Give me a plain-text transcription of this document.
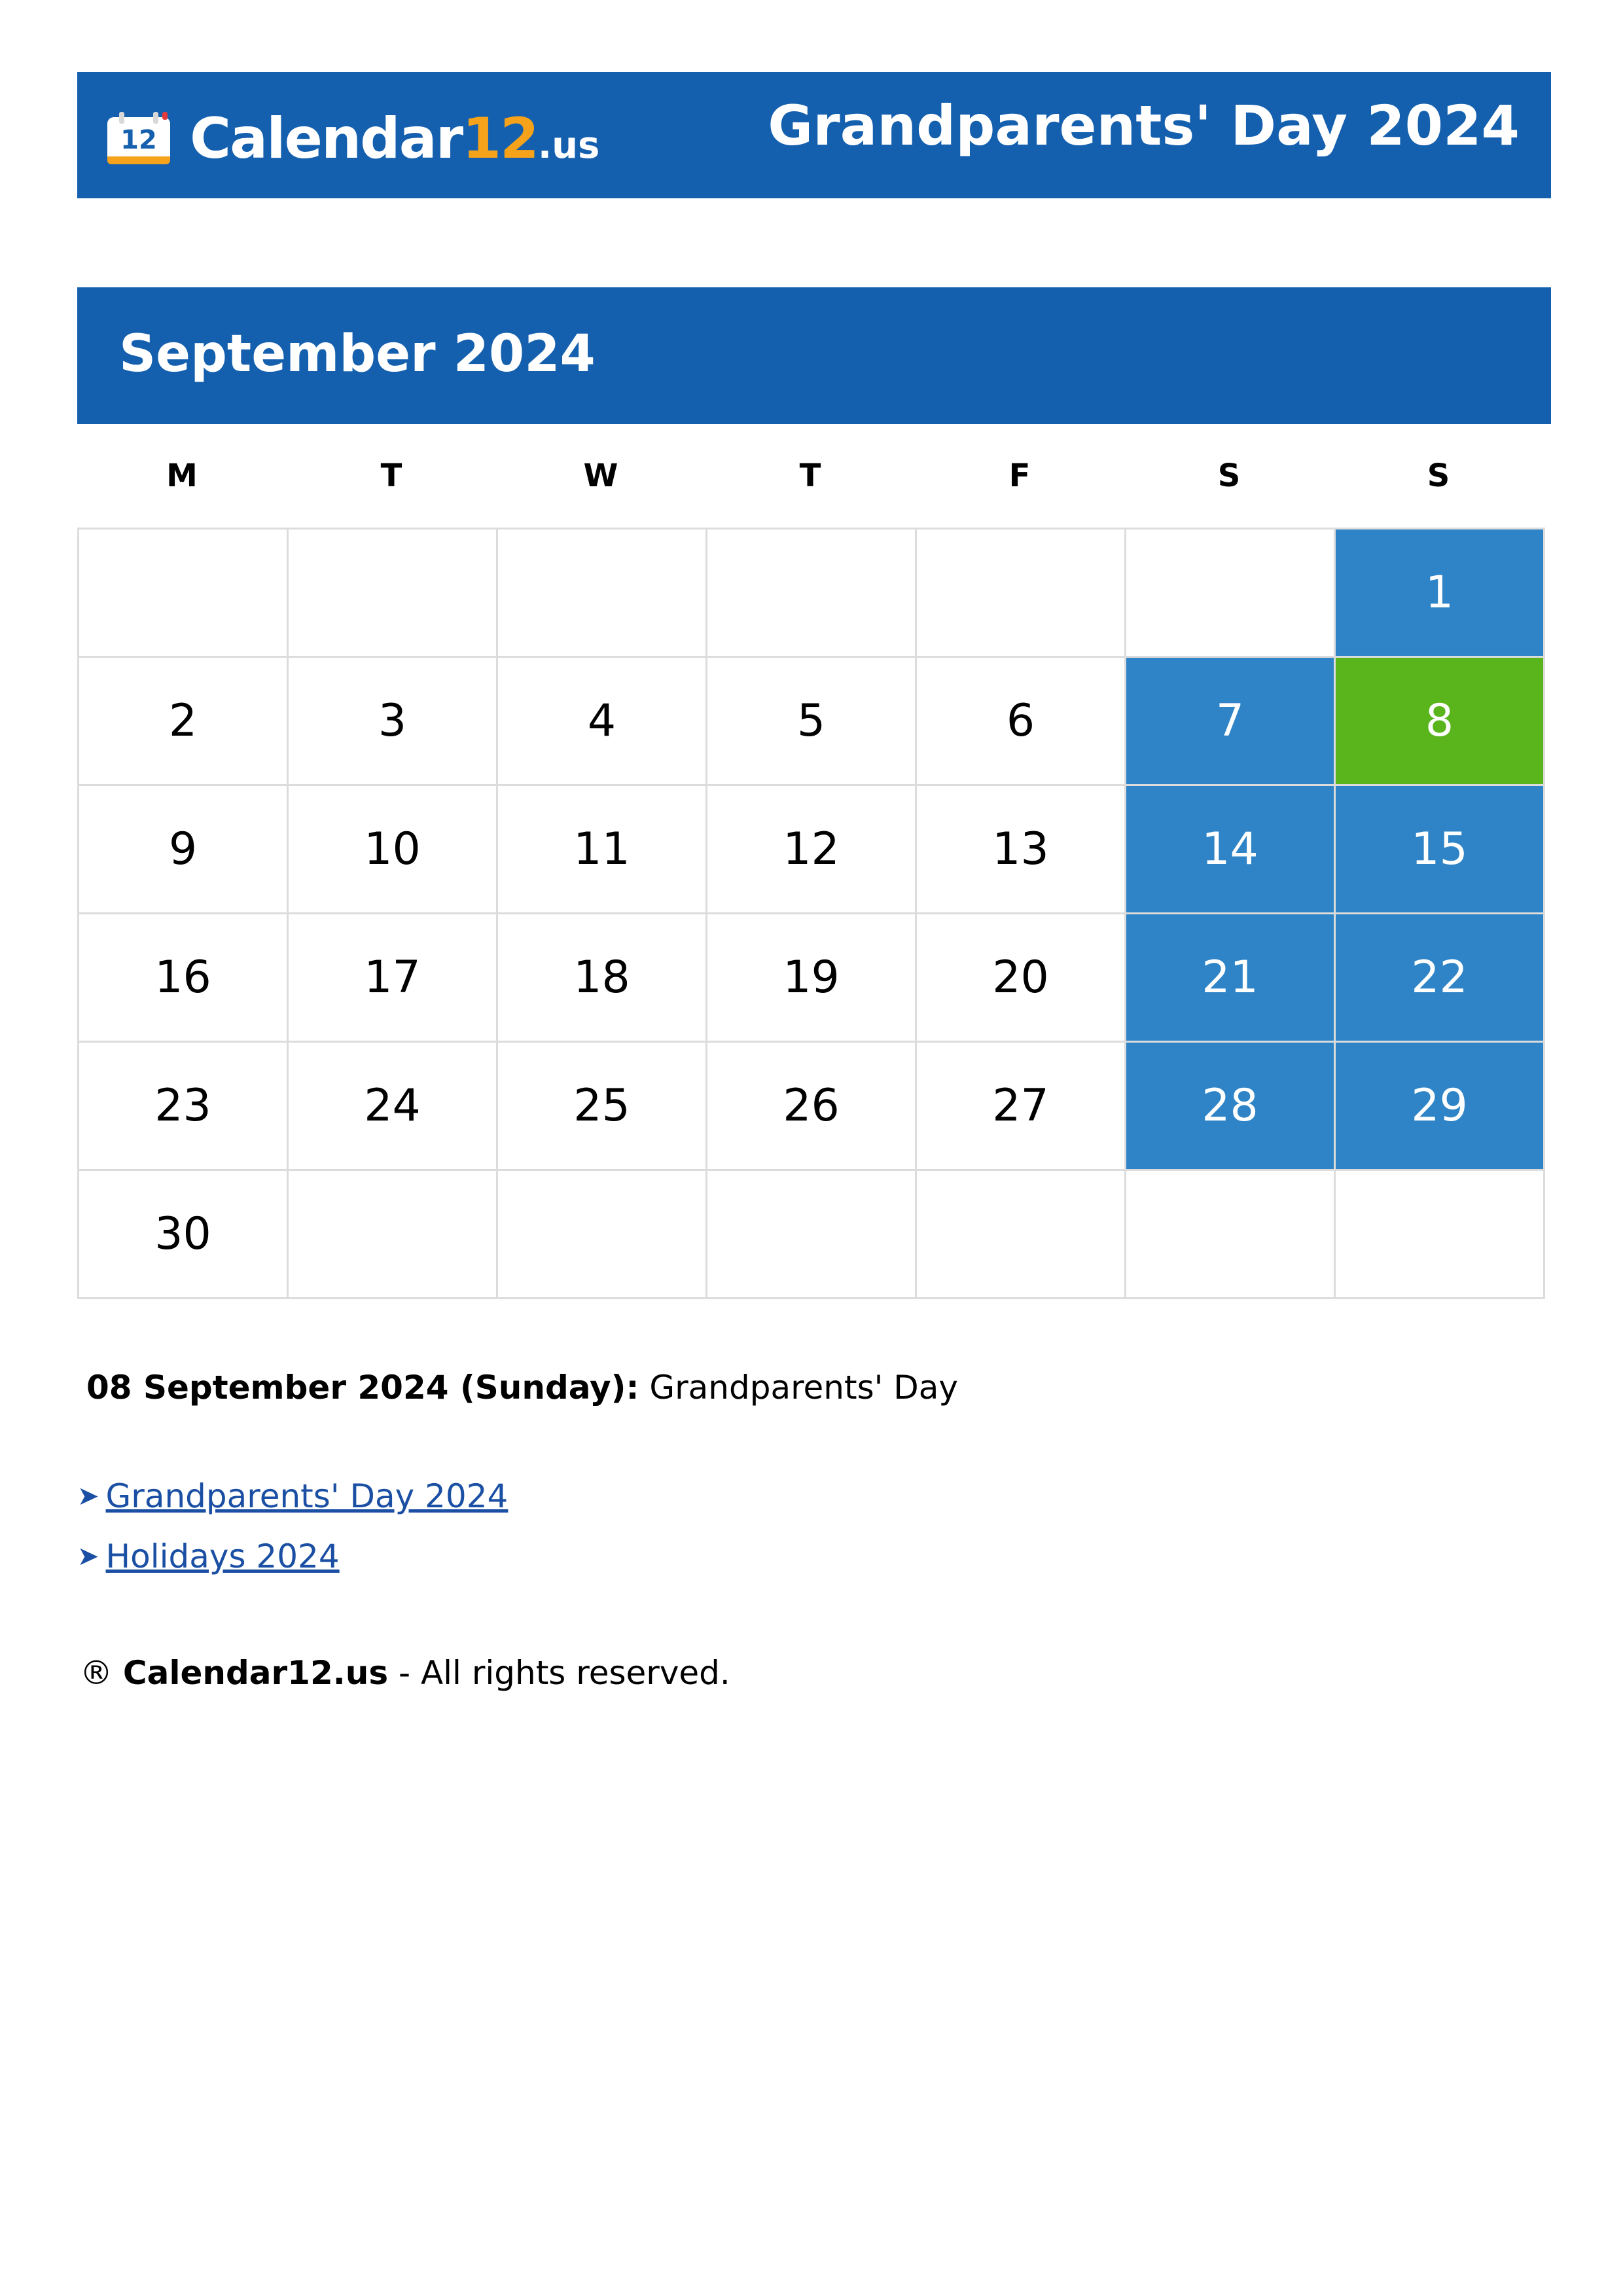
12 Calendar12.us	Grandparents' Day 2024
September 2024
M	T	W	T	F	S	S
						1
2	3	4	5	6	7	8
9	10	11	12	13	14	15
16	17	18	19	20	21	22
23	24	25	26	27	28	29
30						
08 September 2024 (Sunday): Grandparents' Day
➤ Grandparents' Day 2024
➤ Holidays 2024
® Calendar12.us - All rights reserved.
